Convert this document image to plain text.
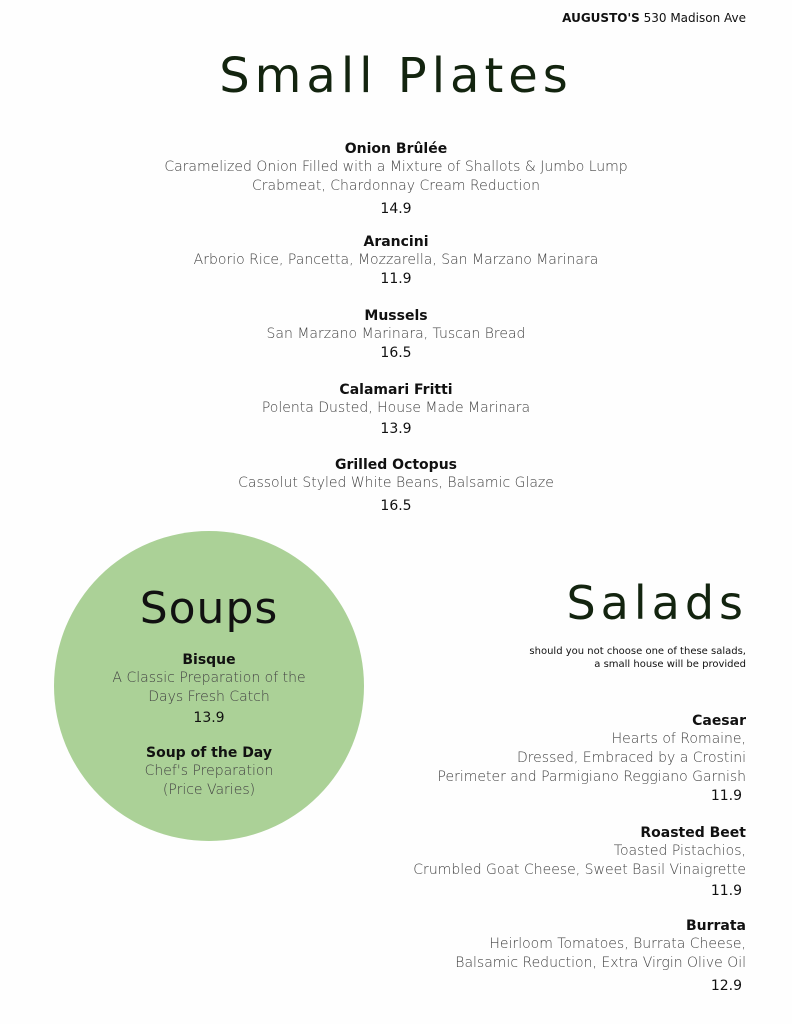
AUGUSTO'S 530 Madison Ave
Small Plates
Onion Brûlée
Caramelized Onion Filled with a Mixture of Shallots & Jumbo Lump
Crabmeat, Chardonnay Cream Reduction
14.9
Arancini
Arborio Rice, Pancetta, Mozzarella, San Marzano Marinara
11.9
Mussels
San Marzano Marinara, Tuscan Bread
16.5
Calamari Fritti
Polenta Dusted, House Made Marinara
13.9
Grilled Octopus
Cassolut Styled White Beans, Balsamic Glaze
16.5
Soups
Bisque
A Classic Preparation of the
Days Fresh Catch
13.9
Soup of the Day
Chef's Preparation
(Price Varies)
Salads
should you not choose one of these salads,
a small house will be provided
Caesar
Hearts of Romaine,
Dressed, Embraced by a Crostini
Perimeter and Parmigiano Reggiano Garnish
11.9
Roasted Beet
Toasted Pistachios,
Crumbled Goat Cheese, Sweet Basil Vinaigrette
11.9
Burrata
Heirloom Tomatoes, Burrata Cheese,
Balsamic Reduction, Extra Virgin Olive Oil
12.9
